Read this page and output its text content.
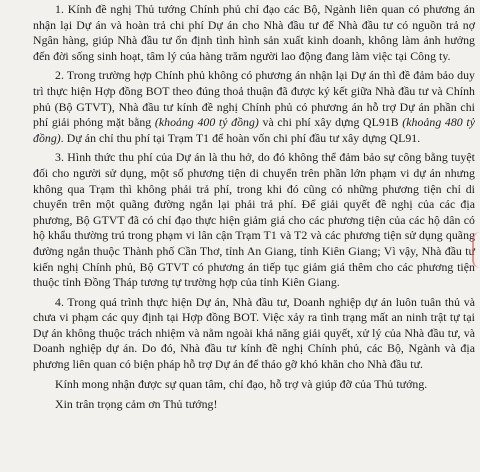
1. Kính đề nghị Thủ tướng Chính phủ chỉ đạo các Bộ, Ngành liên quan có phương án nhận lại Dự án và hoàn trả chi phí Dự án cho Nhà đầu tư để Nhà đầu tư có nguồn trả nợ Ngân hàng, giúp Nhà đầu tư ổn định tình hình sản xuất kinh doanh, không làm ảnh hưởng đến đời sống sinh hoạt, tâm lý của hàng trăm người lao động đang làm việc tại Công ty.

2. Trong trường hợp Chính phủ không có phương án nhận lại Dự án thì đề đảm bảo duy trì thực hiện Hợp đồng BOT theo đúng thoả thuận đã được ký kết giữa Nhà đầu tư và Chính phủ (Bộ GTVT), Nhà đầu tư kính đề nghị Chính phủ có phương án hỗ trợ Dự án phần chi phí giải phóng mặt bằng (khoảng 400 tỷ đồng) và chi phí xây dựng QL91B (khoảng 480 tỷ đồng). Dự án chỉ thu phí tại Trạm T1 để hoàn vốn chi phí đầu tư xây dựng QL91.

3. Hình thức thu phí của Dự án là thu hở, do đó không thể đảm bảo sự công bằng tuyệt đối cho người sử dụng, một số phương tiện di chuyển trên phần lớn phạm vi dự án nhưng không qua Trạm thì không phải trả phí, trong khi đó cũng có những phương tiện chỉ di chuyển trên một quãng đường ngắn lại phải trả phí. Để giải quyết đề nghị của các địa phương, Bộ GTVT đã có chỉ đạo thực hiện giảm giá cho các phương tiện của các hộ dân có hộ khẩu thường trú trong phạm vi lân cận Trạm T1 và T2 và các phương tiện sử dụng quãng đường ngắn thuộc Thành phố Cần Thơ, tỉnh An Giang, tỉnh Kiên Giang; Vì vậy, Nhà đầu tư kiến nghị Chính phủ, Bộ GTVT có phương án tiếp tục giảm giá thêm cho các phương tiện thuộc tỉnh Đồng Tháp tương tự trường hợp của tỉnh Kiên Giang.

4. Trong quá trình thực hiện Dự án, Nhà đầu tư, Doanh nghiệp dự án luôn tuân thủ và chưa vi phạm các quy định tại Hợp đồng BOT. Việc xảy ra tình trạng mất an ninh trật tự tại Dự án không thuộc trách nhiệm và nằm ngoài khả năng giải quyết, xử lý của Nhà đầu tư, và Doanh nghiệp dự án. Do đó, Nhà đầu tư kính đề nghị Chính phủ, các Bộ, Ngành và địa phương liên quan có biện pháp hỗ trợ Dự án để tháo gỡ khó khăn cho Nhà đầu tư.

Kính mong nhận được sự quan tâm, chỉ đạo, hỗ trợ và giúp đỡ của Thủ tướng.

Xin trân trọng cảm ơn Thủ tướng!
